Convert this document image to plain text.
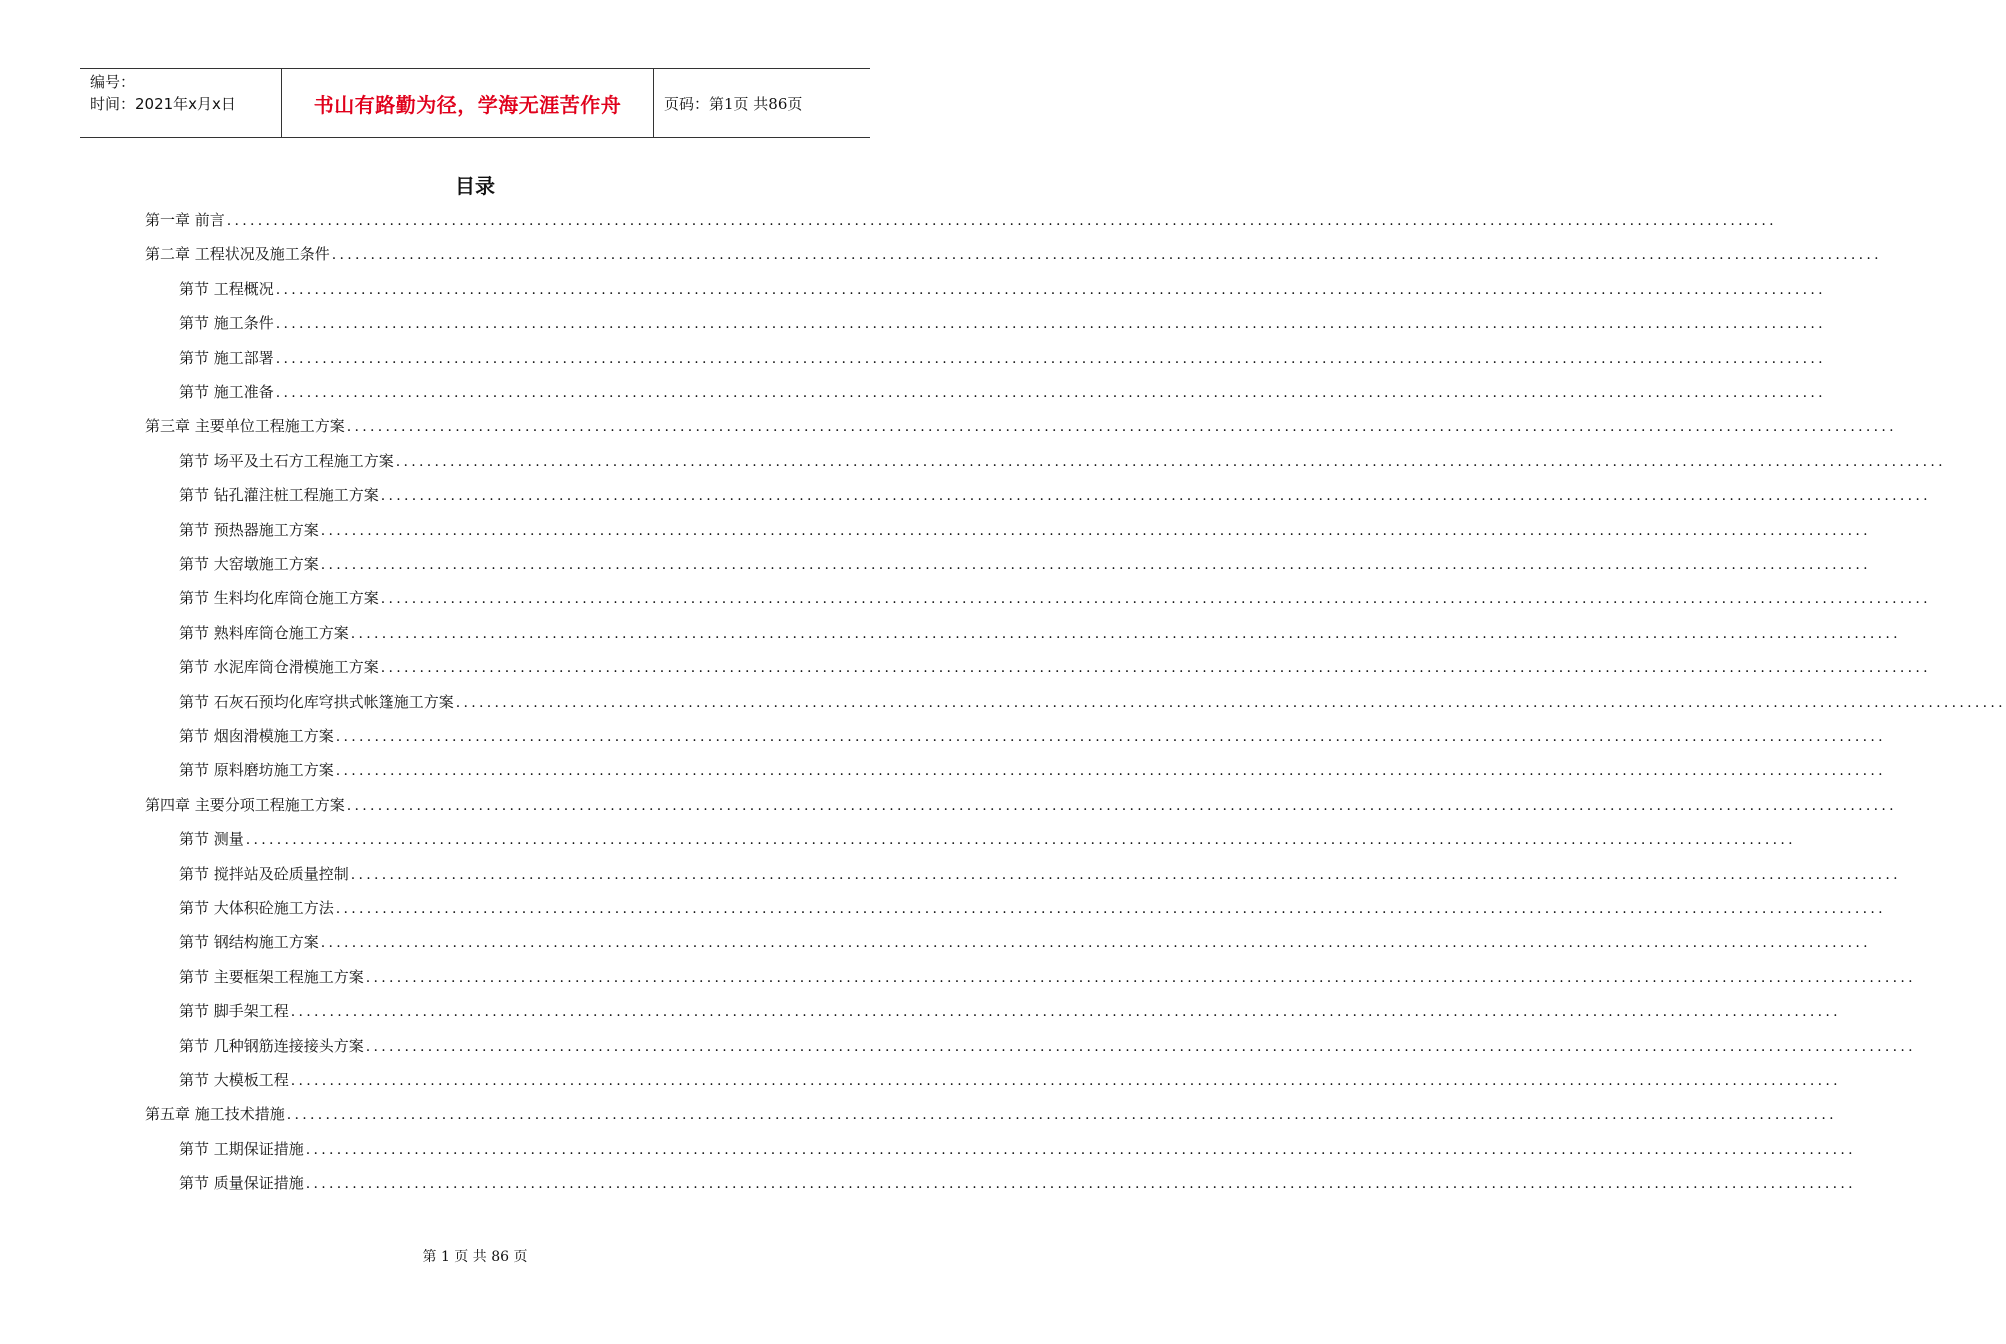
编号：
时间：2021年x月x日	书山有路勤为径，学海无涯苦作舟	页码：第1页 共86页
目录
第一章 前言 ........................................................................................................................................................................................................
第二章 工程状况及施工条件 ........................................................................................................................................................................................................
第节 工程概况 ........................................................................................................................................................................................................
第节 施工条件 ........................................................................................................................................................................................................
第节 施工部署 ........................................................................................................................................................................................................
第节 施工准备 ........................................................................................................................................................................................................
第三章 主要单位工程施工方案 ........................................................................................................................................................................................................
第节 场平及土石方工程施工方案 ........................................................................................................................................................................................................
第节 钻孔灌注桩工程施工方案 ........................................................................................................................................................................................................
第节 预热器施工方案 ........................................................................................................................................................................................................
第节 大窑墩施工方案 ........................................................................................................................................................................................................
第节 生料均化库筒仓施工方案 ........................................................................................................................................................................................................
第节 熟料库筒仓施工方案 ........................................................................................................................................................................................................
第节 水泥库筒仓滑模施工方案 ........................................................................................................................................................................................................
第节 石灰石预均化库穹拱式帐篷施工方案 ........................................................................................................................................................................................................
第节 烟囱滑模施工方案 ........................................................................................................................................................................................................
第节 原料磨坊施工方案 ........................................................................................................................................................................................................
第四章 主要分项工程施工方案 ........................................................................................................................................................................................................
第节 测量 ........................................................................................................................................................................................................
第节 搅拌站及砼质量控制 ........................................................................................................................................................................................................
第节 大体积砼施工方法 ........................................................................................................................................................................................................
第节 钢结构施工方案 ........................................................................................................................................................................................................
第节 主要框架工程施工方案 ........................................................................................................................................................................................................
第节 脚手架工程 ........................................................................................................................................................................................................
第节 几种钢筋连接接头方案 ........................................................................................................................................................................................................
第节 大模板工程 ........................................................................................................................................................................................................
第五章 施工技术措施 ........................................................................................................................................................................................................
第节 工期保证措施 ........................................................................................................................................................................................................
第节 质量保证措施 ........................................................................................................................................................................................................
第 1 页 共 86 页
